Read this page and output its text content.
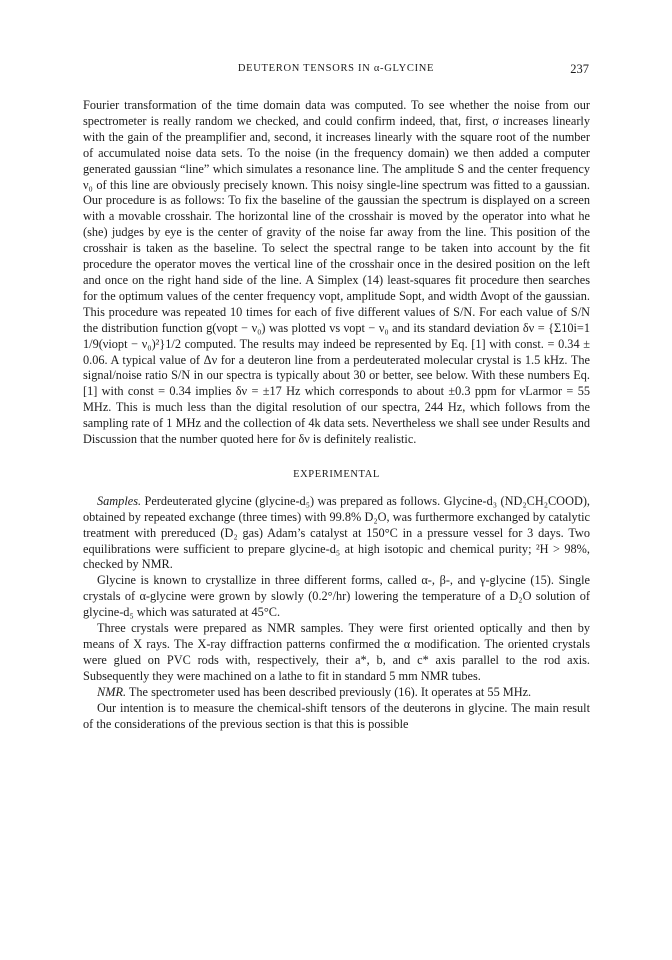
DEUTERON TENSORS IN α-GLYCINE	237

Fourier transformation of the time domain data was computed. To see whether the noise from our spectrometer is really random we checked, and could confirm indeed, that, first, σ increases linearly with the gain of the preamplifier and, second, it increases linearly with the square root of the number of accumulated noise data sets. To the noise (in the frequency domain) we then added a computer generated gaussian “line” which simulates a resonance line. The amplitude S and the center frequency ν₀ of this line are obviously precisely known. This noisy single-line spectrum was fitted to a gaussian. Our procedure is as follows: To fix the baseline of the gaussian the spectrum is displayed on a screen with a movable crosshair. The horizontal line of the crosshair is moved by the operator into what he (she) judges by eye is the center of gravity of the noise far away from the line. This position of the crosshair is taken as the baseline. To select the spectral range to be taken into account by the fit procedure the operator moves the vertical line of the crosshair once in the desired position on the left and once on the right hand side of the line. A Simplex (14) least-squares fit procedure then searches for the optimum values of the center frequency νopt, amplitude Sopt, and width Δνopt of the gaussian. This procedure was repeated 10 times for each of five different values of S/N. For each value of S/N the distribution function g(νopt − ν₀) was plotted vs νopt − ν₀ and its standard deviation δν = {Σ10i=1 1/9(νiopt − ν₀)²}1/2 computed. The results may indeed be represented by Eq. [1] with const. = 0.34 ± 0.06. A typical value of Δν for a deuteron line from a perdeuterated molecular crystal is 1.5 kHz. The signal/noise ratio S/N in our spectra is typically about 30 or better, see below. With these numbers Eq. [1] with const = 0.34 implies δν = ±17 Hz which corresponds to about ±0.3 ppm for νLarmor = 55 MHz. This is much less than the digital resolution of our spectra, 244 Hz, which follows from the sampling rate of 1 MHz and the collection of 4k data sets. Nevertheless we shall see under Results and Discussion that the number quoted here for δν is definitely realistic.

EXPERIMENTAL

Samples. Perdeuterated glycine (glycine-d₅) was prepared as follows. Glycine-d₃ (ND₂CH₂COOD), obtained by repeated exchange (three times) with 99.8% D₂O, was furthermore exchanged by catalytic treatment with prereduced (D₂ gas) Adam’s catalyst at 150°C in a pressure vessel for 3 days. Two equilibrations were sufficient to prepare glycine-d₅ at high isotopic and chemical purity; ²H > 98%, checked by NMR.

Glycine is known to crystallize in three different forms, called α-, β-, and γ-glycine (15). Single crystals of α-glycine were grown by slowly (0.2°/hr) lowering the temperature of a D₂O solution of glycine-d₅ which was saturated at 45°C.

Three crystals were prepared as NMR samples. They were first oriented optically and then by means of X rays. The X-ray diffraction patterns confirmed the α modification. The oriented crystals were glued on PVC rods with, respectively, their a*, b, and c* axis parallel to the rod axis. Subsequently they were machined on a lathe to fit in standard 5 mm NMR tubes.

NMR. The spectrometer used has been described previously (16). It operates at 55 MHz.

Our intention is to measure the chemical-shift tensors of the deuterons in glycine. The main result of the considerations of the previous section is that this is possible
